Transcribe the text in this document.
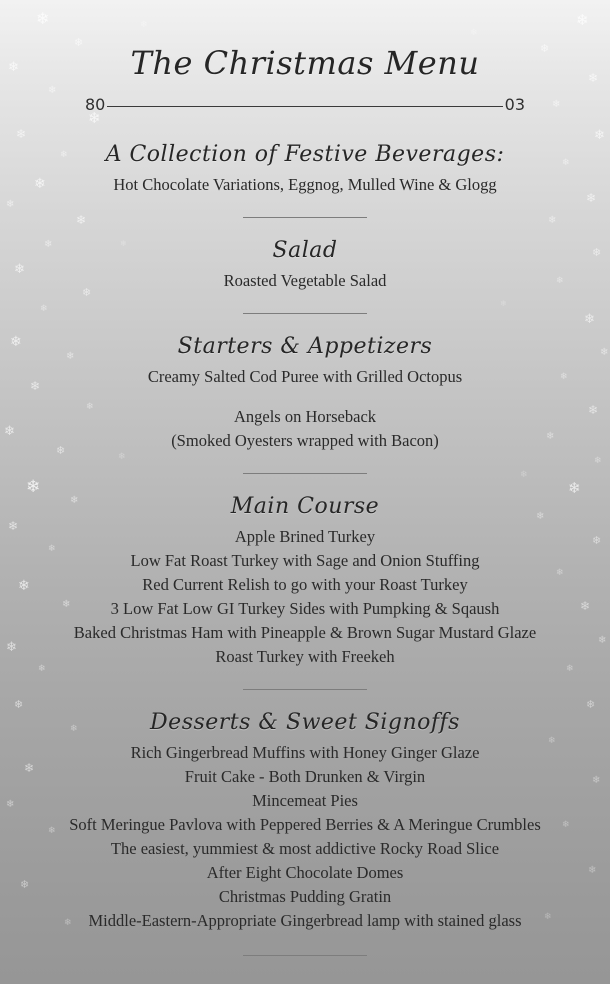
❄
❄
❄
❄
❄
❄
❄
❄
❄
❄
❄
❄
❄
❄
❄
❄
❄
❄
❄
❄
❄
❄
❄
❄
❄
❄
❄
❄
❄
❄
❄
❄
❄
❄
❄
❄
❄
❄
❄
❄
❄
❄
❄
❄
❄
❄
❄
❄
❄
❄
❄
❄
❄
❄
❄
❄
❄
❄
❄
❄
❄
❄
❄
❄
❄
❄
❄
❄
❄
❄
The Christmas Menu
80	03
A Collection of Festive Beverages:
Hot Chocolate Variations, Eggnog, Mulled Wine & Glogg
Salad
Roasted Vegetable Salad
Starters & Appetizers
Creamy Salted Cod Puree with Grilled Octopus
Angels on Horseback
(Smoked Oyesters wrapped with Bacon)
Main Course
Apple Brined Turkey
Low Fat Roast Turkey with Sage and Onion Stuffing
Red Current Relish to go with your Roast Turkey
3 Low Fat Low GI Turkey Sides with Pumpking & Sqaush
Baked Christmas Ham with Pineapple & Brown Sugar Mustard Glaze
Roast Turkey with Freekeh
Desserts & Sweet Signoffs
Rich Gingerbread Muffins with Honey Ginger Glaze
Fruit Cake - Both Drunken & Virgin
Mincemeat Pies
Soft Meringue Pavlova with Peppered Berries & A Meringue Crumbles
The easiest, yummiest & most addictive Rocky Road Slice
After Eight Chocolate Domes
Christmas Pudding Gratin
Middle-Eastern-Appropriate Gingerbread lamp with stained glass
